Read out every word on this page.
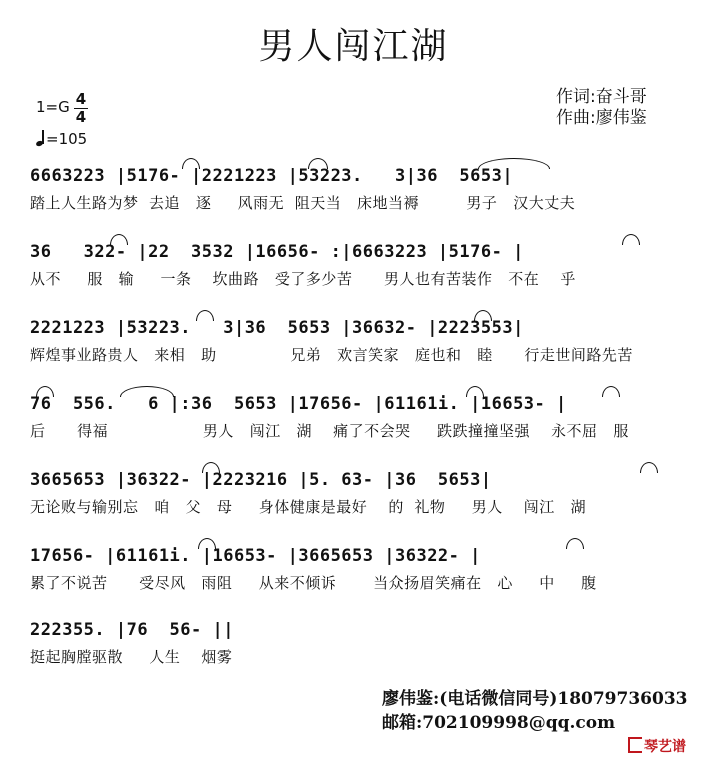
男人闯江湖
作词:奋斗哥
作曲:廖伟鉴
1=G 4
4
=105
6663223 |5176- |2221223 |53223.   3|36  5653|
踏上人生路为梦  去追   逐     风雨无  阻天当   床地当褥         男子   汉大丈夫
36   322- |22  3532 |16656- :|6663223 |5176- |
从不     服   输     一条    坎曲路   受了多少苦      男人也有苦装作   不在    乎
2221223 |53223.   3|36  5653 |36632- |2223553|
辉煌事业路贵人   来相   助              兄弟   欢言笑家   庭也和   睦      行走世间路先苦
76  556.   6 |:36  5653 |17656- |61161i. |16653- |
后      得福                  男人   闯江   湖    痛了不会哭     跌跌撞撞坚强    永不屈   服
3665653 |36322- |2223216 |5. 63- |36  5653|
无论败与输别忘   咱   父   母     身体健康是最好    的  礼物     男人    闯江   湖
17656- |61161i. |16653- |3665653 |36322- |
累了不说苦      受尽风   雨阻     从来不倾诉       当众扬眉笑痛在   心     中     腹
222355. |76  56- ||
挺起胸膛驱散     人生    烟雾
廖伟鉴:(电话微信同号)18079736033
邮箱:702109998@qq.com
琴艺谱
